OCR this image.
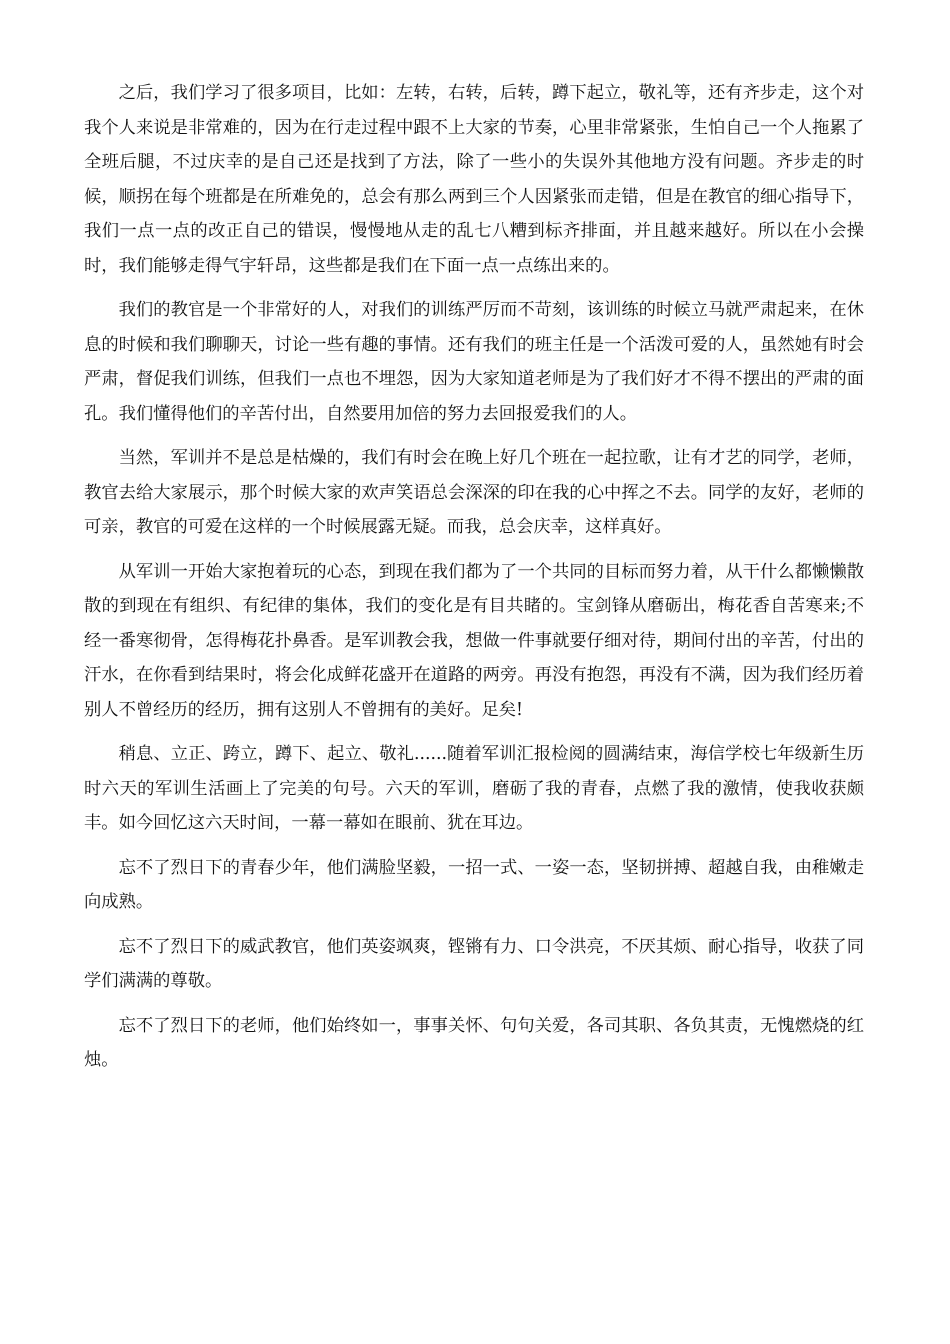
之后，我们学习了很多项目，比如：左转，右转，后转，蹲下起立，敬礼等，还有齐步走，这个对我个人来说是非常难的，因为在行走过程中跟不上大家的节奏，心里非常紧张，生怕自己一个人拖累了全班后腿，不过庆幸的是自己还是找到了方法，除了一些小的失误外其他地方没有问题。齐步走的时候，顺拐在每个班都是在所难免的，总会有那么两到三个人因紧张而走错，但是在教官的细心指导下，我们一点一点的改正自己的错误，慢慢地从走的乱七八糟到标齐排面，并且越来越好。所以在小会操时，我们能够走得气宇轩昂，这些都是我们在下面一点一点练出来的。

我们的教官是一个非常好的人，对我们的训练严厉而不苛刻，该训练的时候立马就严肃起来，在休息的时候和我们聊聊天，讨论一些有趣的事情。还有我们的班主任是一个活泼可爱的人，虽然她有时会严肃，督促我们训练，但我们一点也不埋怨，因为大家知道老师是为了我们好才不得不摆出的严肃的面孔。我们懂得他们的辛苦付出，自然要用加倍的努力去回报爱我们的人。

当然，军训并不是总是枯燥的，我们有时会在晚上好几个班在一起拉歌，让有才艺的同学，老师，教官去给大家展示，那个时候大家的欢声笑语总会深深的印在我的心中挥之不去。同学的友好，老师的可亲，教官的可爱在这样的一个时候展露无疑。而我，总会庆幸，这样真好。

从军训一开始大家抱着玩的心态，到现在我们都为了一个共同的目标而努力着，从干什么都懒懒散散的到现在有组织、有纪律的集体，我们的变化是有目共睹的。宝剑锋从磨砺出，梅花香自苦寒来;不经一番寒彻骨，怎得梅花扑鼻香。是军训教会我，想做一件事就要仔细对待，期间付出的辛苦，付出的汗水，在你看到结果时，将会化成鲜花盛开在道路的两旁。再没有抱怨，再没有不满，因为我们经历着别人不曾经历的经历，拥有这别人不曾拥有的美好。足矣!

稍息、立正、跨立，蹲下、起立、敬礼......随着军训汇报检阅的圆满结束，海信学校七年级新生历时六天的军训生活画上了完美的句号。六天的军训，磨砺了我的青春，点燃了我的激情，使我收获颇丰。如今回忆这六天时间，一幕一幕如在眼前、犹在耳边。

忘不了烈日下的青春少年，他们满脸坚毅，一招一式、一姿一态，坚韧拼搏、超越自我，由稚嫩走向成熟。

忘不了烈日下的威武教官，他们英姿飒爽，铿锵有力、口令洪亮，不厌其烦、耐心指导，收获了同学们满满的尊敬。

忘不了烈日下的老师，他们始终如一，事事关怀、句句关爱，各司其职、各负其责，无愧燃烧的红烛。
